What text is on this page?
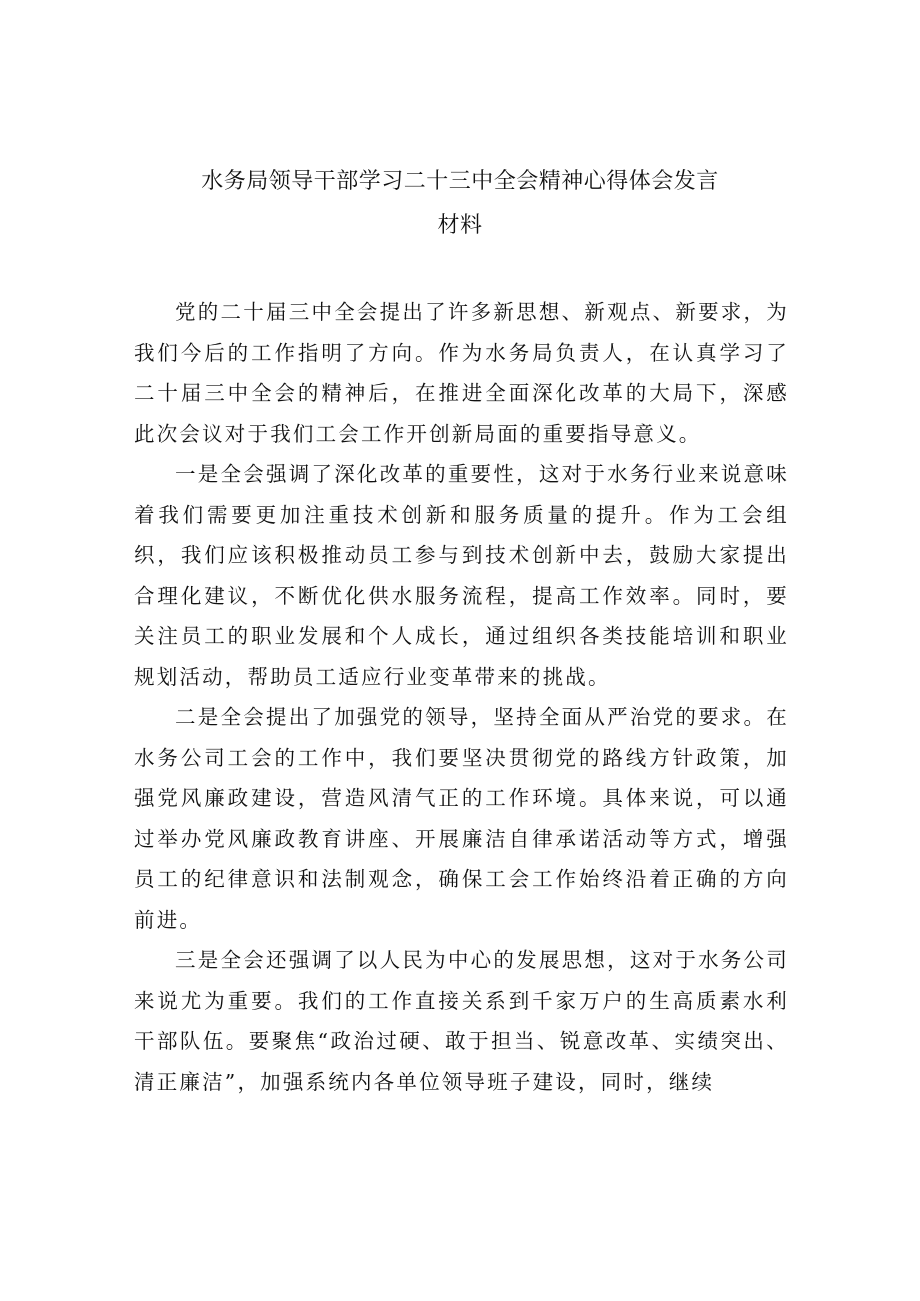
水务局领导干部学习二十三中全会精神心得体会发言
材料

党的二十届三中全会提出了许多新思想、新观点、新要求，为我们今后的工作指明了方向。作为水务局负责人，在认真学习了二十届三中全会的精神后，在推进全面深化改革的大局下，深感此次会议对于我们工会工作开创新局面的重要指导意义。

一是全会强调了深化改革的重要性，这对于水务行业来说意味着我们需要更加注重技术创新和服务质量的提升。作为工会组织，我们应该积极推动员工参与到技术创新中去，鼓励大家提出合理化建议，不断优化供水服务流程，提高工作效率。同时，要关注员工的职业发展和个人成长，通过组织各类技能培训和职业规划活动，帮助员工适应行业变革带来的挑战。

二是全会提出了加强党的领导，坚持全面从严治党的要求。在水务公司工会的工作中，我们要坚决贯彻党的路线方针政策，加强党风廉政建设，营造风清气正的工作环境。具体来说，可以通过举办党风廉政教育讲座、开展廉洁自律承诺活动等方式，增强员工的纪律意识和法制观念，确保工会工作始终沿着正确的方向前进。

三是全会还强调了以人民为中心的发展思想，这对于水务公司来说尤为重要。我们的工作直接关系到千家万户的生高质素水利干部队伍。要聚焦“政治过硬、敢于担当、锐意改革、实绩突出、清正廉洁”，加强系统内各单位领导班子建设，同时，继续
